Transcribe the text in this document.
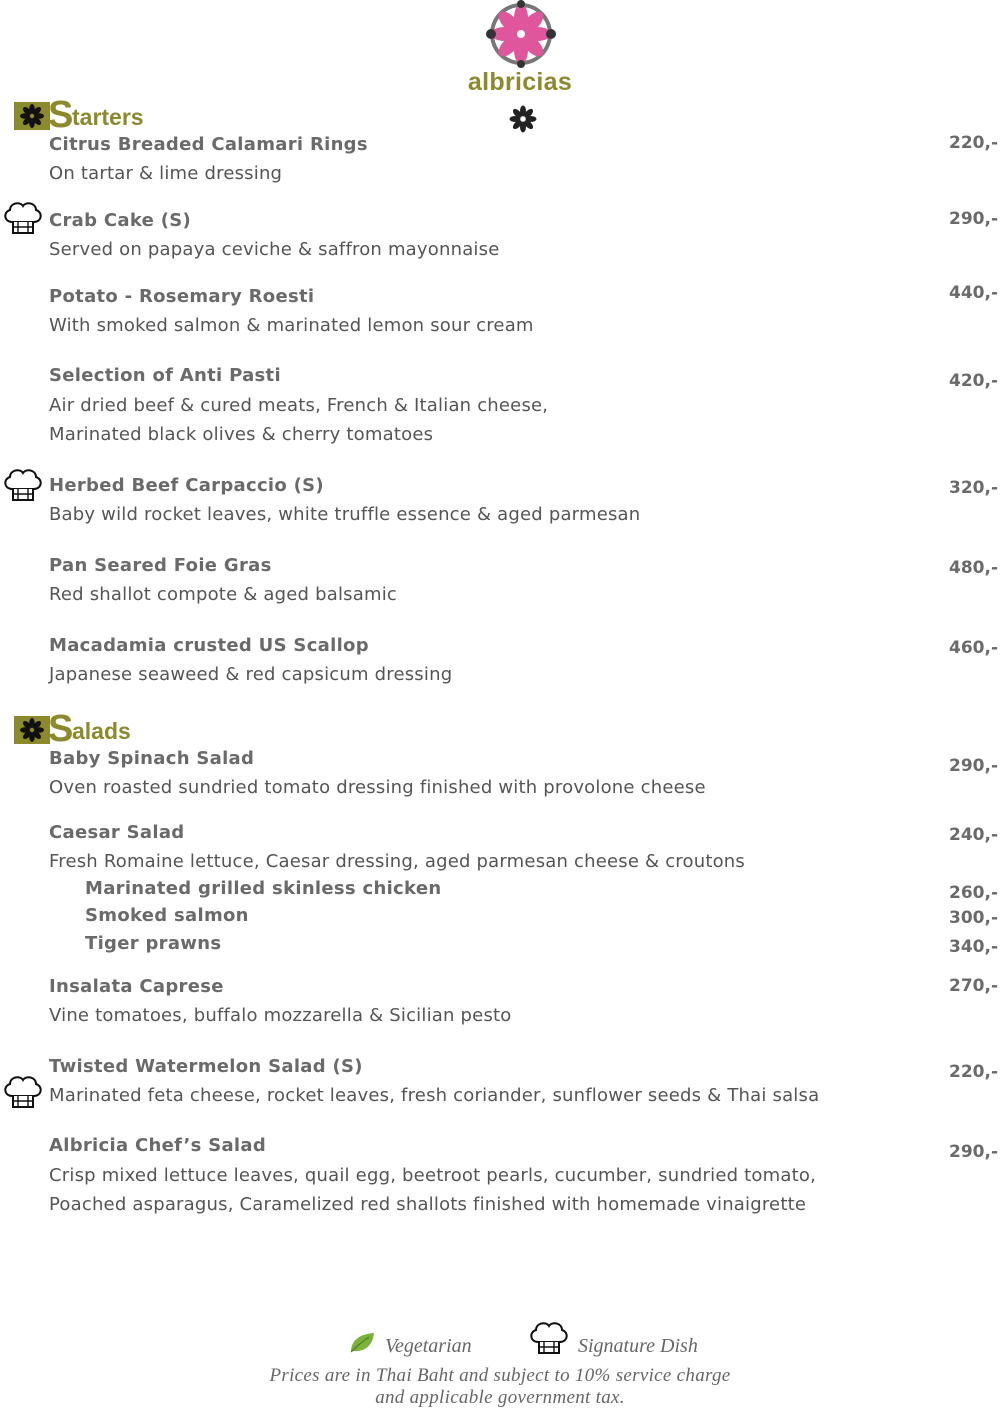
albricias
S
tarters
S
alads
Citrus Breaded Calamari Rings
On tartar & lime dressing
220,-
Crab Cake (S)
Served on papaya ceviche & saffron mayonnaise
290,-
Potato - Rosemary Roesti
With smoked salmon & marinated lemon sour cream
440,-
Selection of Anti Pasti
Air dried beef & cured meats, French & Italian cheese,
Marinated black olives & cherry tomatoes
420,-
Herbed Beef Carpaccio (S)
Baby wild rocket leaves, white truffle essence & aged parmesan
320,-
Pan Seared Foie Gras
Red shallot compote & aged balsamic
480,-
Macadamia crusted US Scallop
Japanese seaweed & red capsicum dressing
460,-
Baby Spinach Salad
Oven roasted sundried tomato dressing finished with provolone cheese
290,-
Caesar Salad
Fresh Romaine lettuce, Caesar dressing, aged parmesan cheese & croutons
240,-
Marinated grilled skinless chicken	260,-
Smoked salmon	300,-
Tiger prawns	340,-
Insalata Caprese
Vine tomatoes, buffalo mozzarella & Sicilian pesto
270,-
Twisted Watermelon Salad (S)
Marinated feta cheese, rocket leaves, fresh coriander, sunflower seeds & Thai salsa
220,-
Albricia Chef’s Salad
Crisp mixed lettuce leaves, quail egg, beetroot pearls, cucumber, sundried tomato,
Poached asparagus, Caramelized red shallots finished with homemade vinaigrette
290,-
Vegetarian	Signature Dish
Prices are in Thai Baht and subject to 10% service charge
and applicable government tax.
